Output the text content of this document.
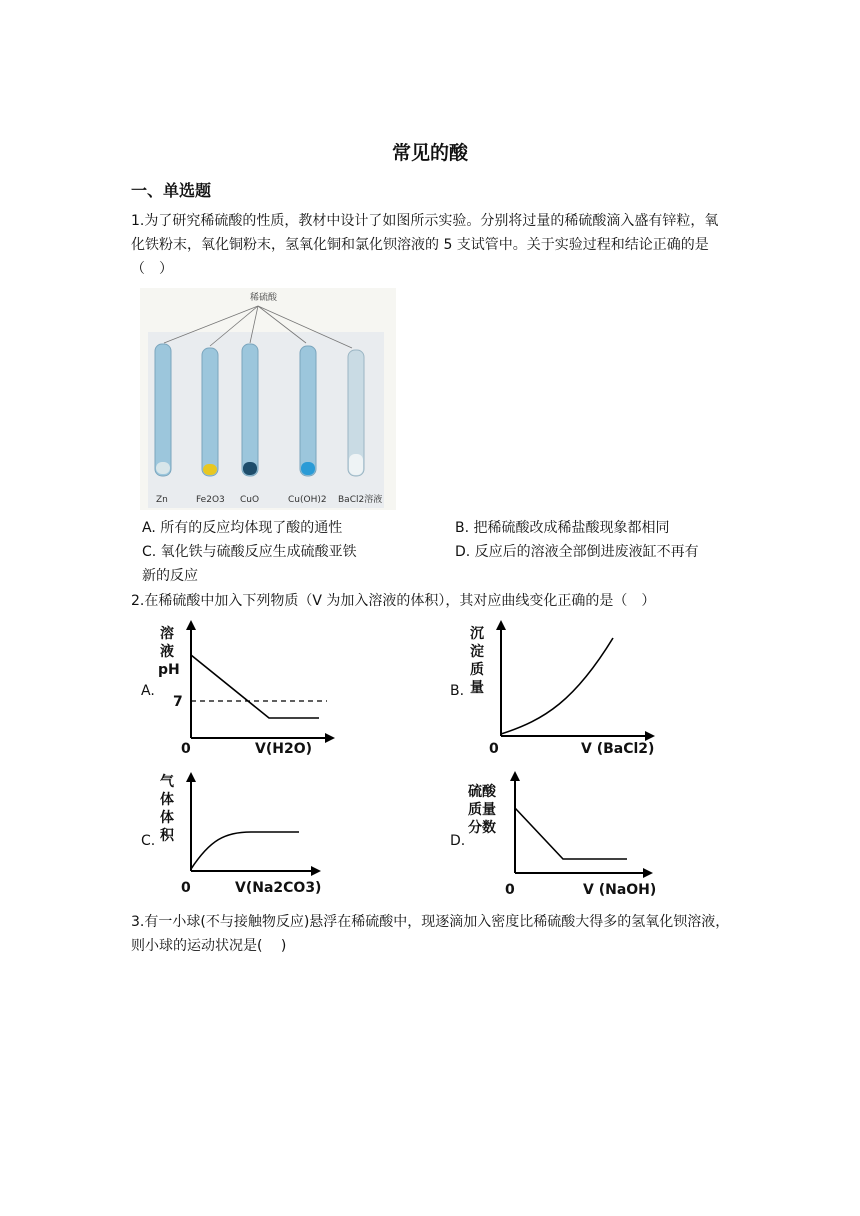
常见的酸
一、单选题
1.为了研究稀硫酸的性质，教材中设计了如图所示实验。分别将过量的稀硫酸滴入盛有锌粒，氧化铁粉末，氧化铜粉末，氢氧化铜和氯化钡溶液的 5 支试管中。关于实验过程和结论正确的是（　）
稀硫酸
Zn	Fe2O3 CuO	Cu(OH)2 BaCl2溶液
A. 所有的反应均体现了酸的通性	B. 把稀硫酸改成稀盐酸现象都相同
C. 氧化铁与硫酸反应生成硫酸亚铁	D. 反应后的溶液全部倒进废液缸不再有
新的反应
2.在稀硫酸中加入下列物质（V 为加入溶液的体积），其对应曲线变化正确的是（　）
A.
溶
液
pH
7
0	V(H2O)
B.
沉
淀
质
量
0	V (BaCl2)
C.
气
体
体
积
0	V(Na2CO3)
D.
硫酸
质量
分数
0	V (NaOH)
3.有一小球(不与接触物反应)悬浮在稀硫酸中，现逐滴加入密度比稀硫酸大得多的氢氧化钡溶液，则小球的运动状况是(　 )
